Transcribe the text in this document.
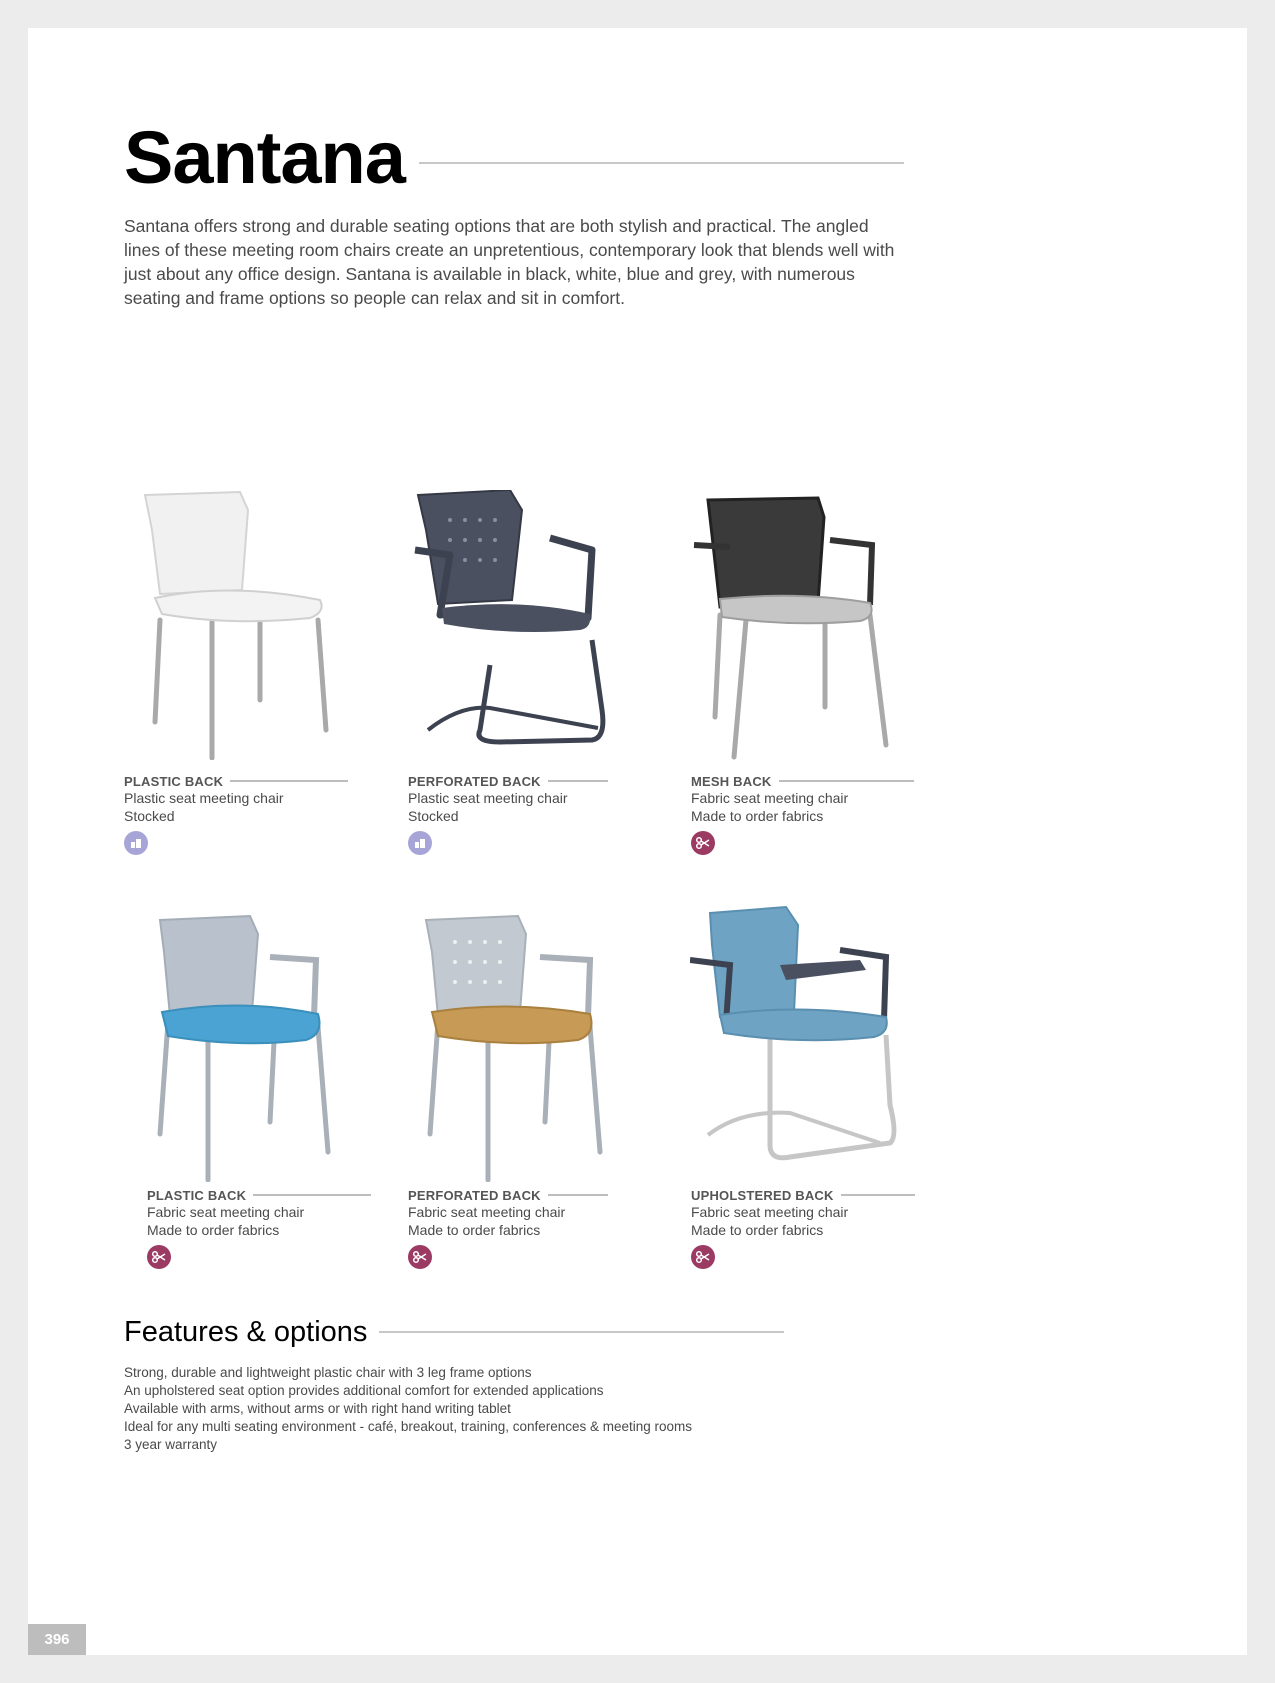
Santana

Santana offers strong and durable seating options that are both stylish and practical. The angled lines of these meeting room chairs create an unpretentious, contemporary look that blends well with just about any office design. Santana is available in black, white, blue and grey, with numerous seating and frame options so people can relax and sit in comfort.

PLASTIC BACK
Plastic seat meeting chair
Stocked
PERFORATED BACK
Plastic seat meeting chair
Stocked
MESH BACK
Fabric seat meeting chair
Made to order fabrics
PLASTIC BACK
Fabric seat meeting chair
Made to order fabrics
PERFORATED BACK
Fabric seat meeting chair
Made to order fabrics
UPHOLSTERED BACK
Fabric seat meeting chair
Made to order fabrics
Features & options
Strong, durable and lightweight plastic chair with 3 leg frame options
An upholstered seat option provides additional comfort for extended applications
Available with arms, without arms or with right hand writing tablet
Ideal for any multi seating environment - café, breakout, training, conferences & meeting rooms
3 year warranty
396
